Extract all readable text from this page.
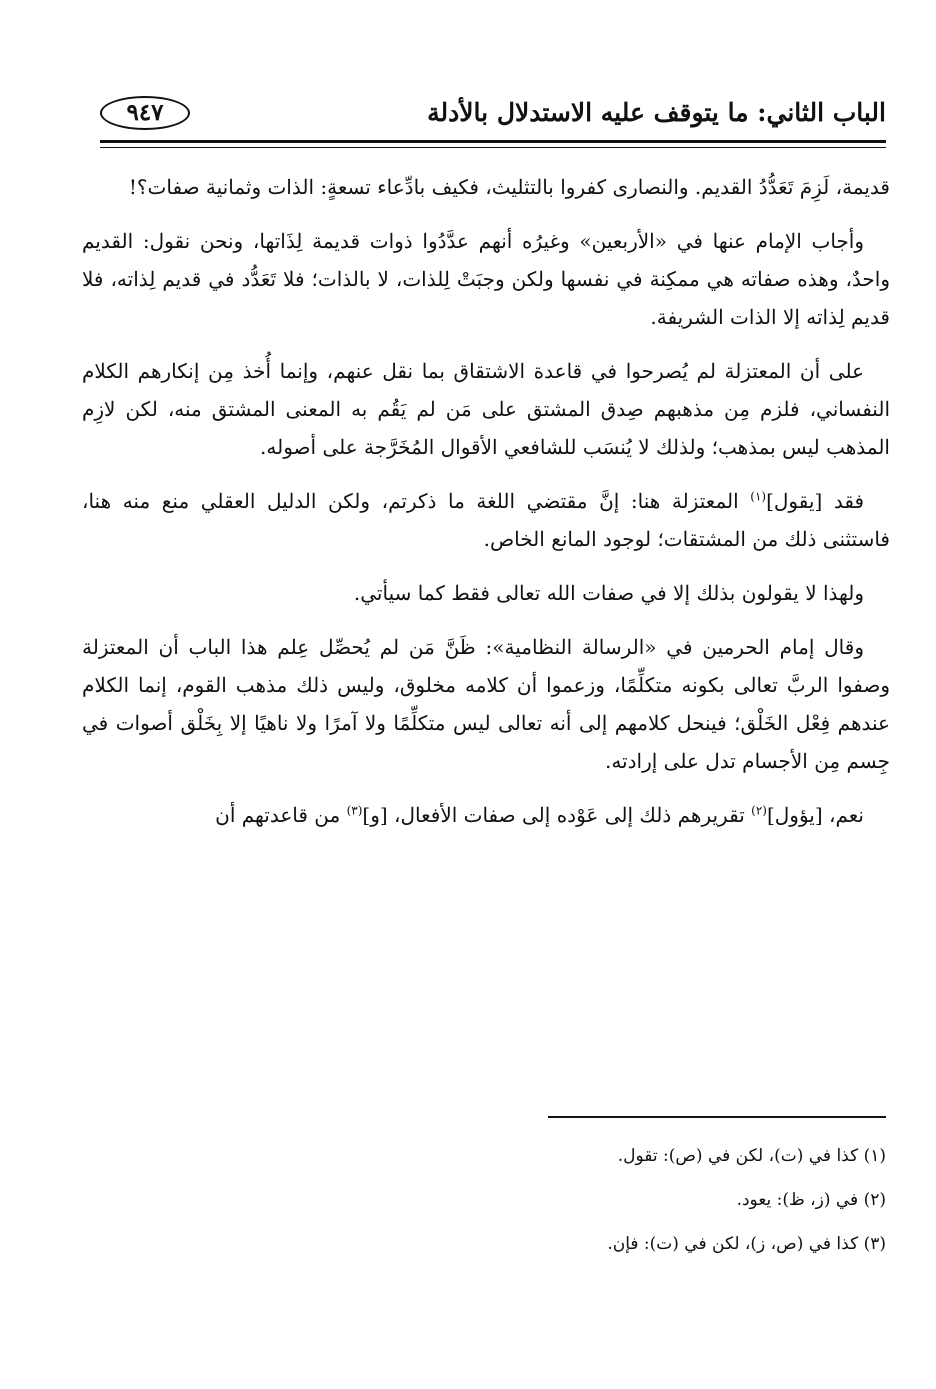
الباب الثاني: ما يتوقف عليه الاستدلال بالأدلة
٩٤٧

قديمة، لَزِمَ تَعَدُّدُ القديم. والنصارى كفروا بالتثليث، فكيف بادِّعاء تسعةٍ: الذات وثمانية صفات؟!

وأجاب الإمام عنها في «الأربعين» وغيرُه أنهم عدَّدُوا ذوات قديمة لِذَاتها، ونحن نقول: القديم واحدٌ، وهذه صفاته هي ممكِنة في نفسها ولكن وجبَتْ لِلذات، لا بالذات؛ فلا تَعَدُّد في قديم لِذاته، فلا قديم لِذاته إلا الذات الشريفة.

على أن المعتزلة لم يُصرحوا في قاعدة الاشتقاق بما نقل عنهم، وإنما أُخذ مِن إنكارهم الكلام النفساني، فلزم مِن مذهبهم صِدق المشتق على مَن لم يَقُم به المعنى المشتق منه، لكن لازِم المذهب ليس بمذهب؛ ولذلك لا يُنسَب للشافعي الأقوال المُخَرَّجة على أصوله.

فقد [يقول]$^{(١)}$ المعتزلة هنا: إنَّ مقتضي اللغة ما ذكرتم، ولكن الدليل العقلي منع منه هنا، فاستثنى ذلك من المشتقات؛ لوجود المانع الخاص.

ولهذا لا يقولون بذلك إلا في صفات الله تعالى فقط كما سيأتي.

وقال إمام الحرمين في «الرسالة النظامية»: ظَنَّ مَن لم يُحصِّل عِلم هذا الباب أن المعتزلة وصفوا الربَّ تعالى بكونه متكلِّمًا، وزعموا أن كلامه مخلوق، وليس ذلك مذهب القوم، إنما الكلام عندهم فِعْل الخَلْق؛ فينحل كلامهم إلى أنه تعالى ليس متكلِّمًا ولا آمرًا ولا ناهيًا إلا بِخَلْق أصوات في جِسم مِن الأجسام تدل على إرادته.

نعم، [يؤول]$^{(٢)}$ تقريرهم ذلك إلى عَوْده إلى صفات الأفعال، [و]$^{(٣)}$ من قاعدتهم أن

(١) كذا في (ت)، لكن في (ص): تقول.

(٢) في (ز، ظ): يعود.

(٣) كذا في (ص، ز)، لكن في (ت): فإن.
